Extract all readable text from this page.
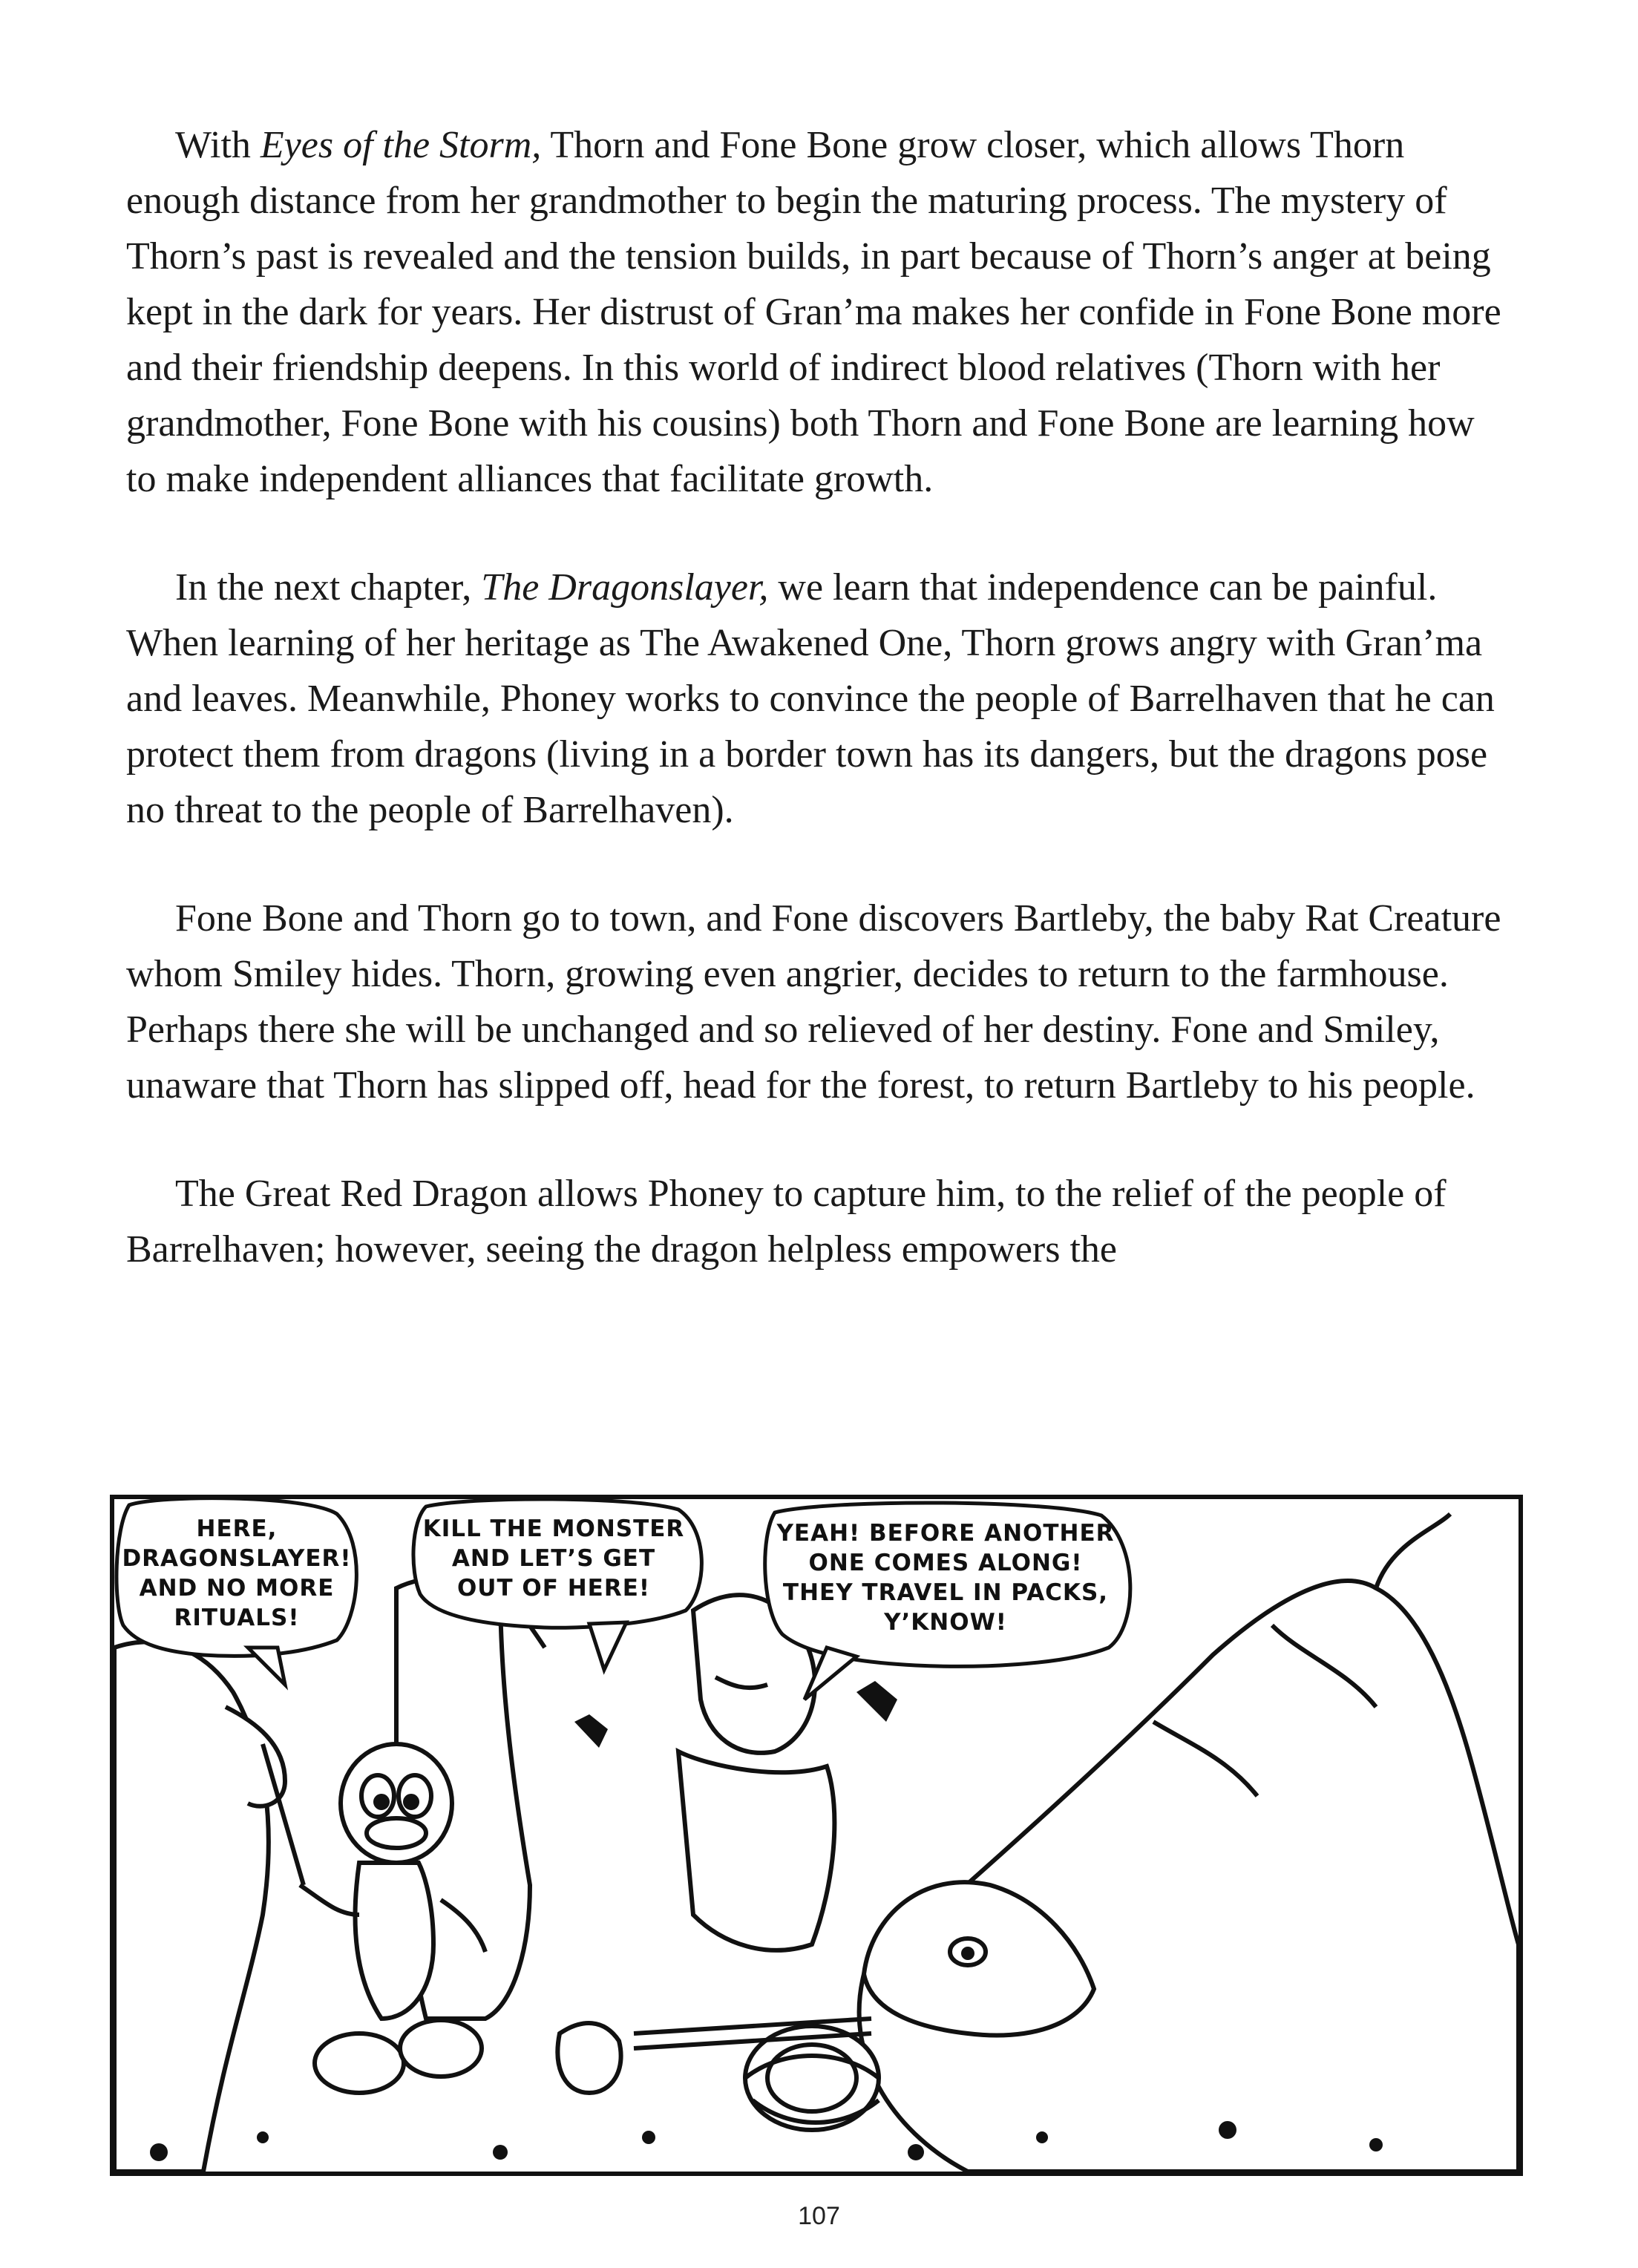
With Eyes of the Storm, Thorn and Fone Bone grow closer, which allows Thorn enough distance from her grandmother to begin the maturing process. The mystery of Thorn’s past is revealed and the tension builds, in part because of Thorn’s anger at being kept in the dark for years. Her distrust of Gran’ma makes her confide in Fone Bone more and their friendship deepens. In this world of indirect blood relatives (Thorn with her grandmother, Fone Bone with his cousins) both Thorn and Fone Bone are learning how to make independent alliances that facilitate growth.

In the next chapter, The Dragonslayer, we learn that independence can be painful. When learning of her heritage as The Awakened One, Thorn grows angry with Gran’ma and leaves. Meanwhile, Phoney works to convince the people of Barrelhaven that he can protect them from dragons (living in a border town has its dangers, but the dragons pose no threat to the people of Barrelhaven).

Fone Bone and Thorn go to town, and Fone discovers Bartleby, the baby Rat Creature whom Smiley hides. Thorn, growing even angrier, decides to return to the farmhouse. Perhaps there she will be unchanged and so relieved of her destiny. Fone and Smiley, unaware that Thorn has slipped off, head for the forest, to return Bartleby to his people.

The Great Red Dragon allows Phoney to capture him, to the relief of the people of Barrelhaven; however, seeing the dragon helpless empowers the

HERE,
DRAGONSLAYER!
AND NO MORE
RITUALS!
KILL THE MONSTER
AND LET’S GET
OUT OF HERE!
YEAH! BEFORE ANOTHER
ONE COMES ALONG!
THEY TRAVEL IN PACKS,
Y’KNOW!
107
